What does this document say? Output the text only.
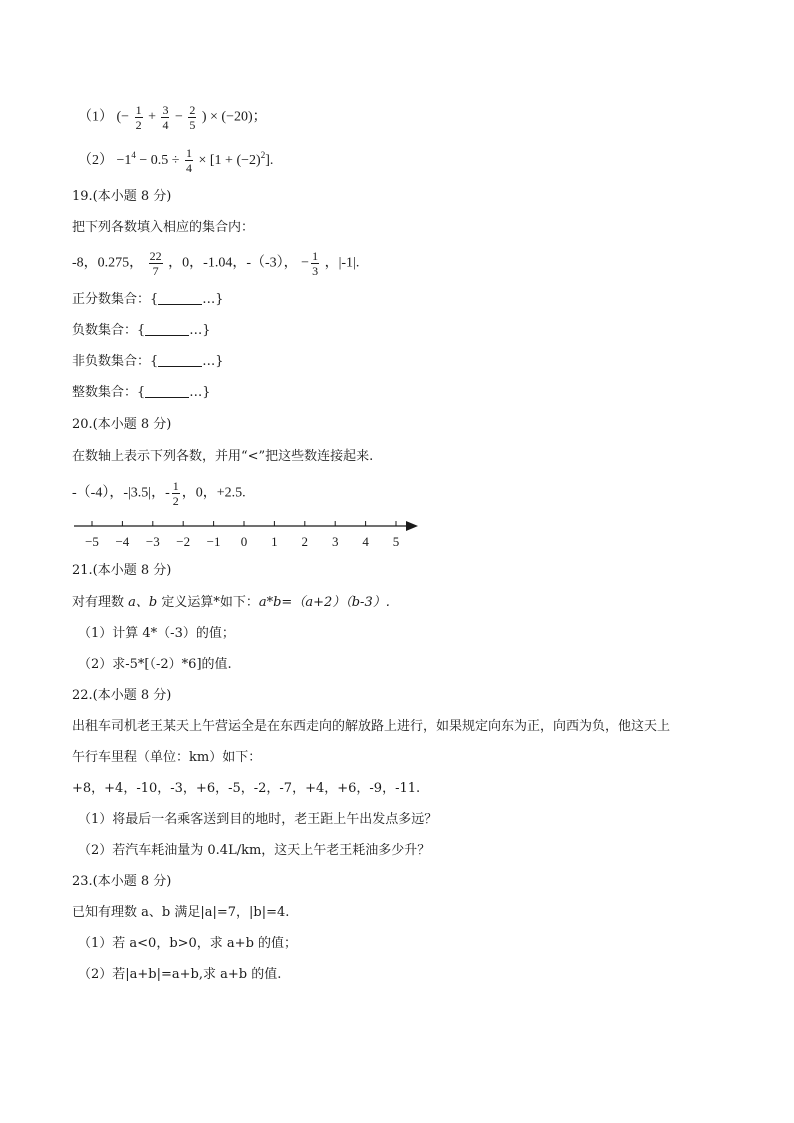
（1） (− $\frac{1}{2} + \frac{3}{4} - \frac{2}{5}$ ) × (−20)；
$(2) -1^4 - 0.5 \div \frac{1}{4} \times [1 + (-2)^2]$.
19.(本小题 8 分)
把下列各数填入相应的集合内：
-8，0.275， $\frac{22}{7}$ ，0，-1.04，-（-3）， − $\frac{1}{3}$ ，|-1|.
正分数集合：{	…}
负数集合：{	…}
非负数集合：{	…}
整数集合：{	…}
20.(本小题 8 分)
在数轴上表示下列各数，并用“<”把这些数连接起来.
-（-4），-|3.5|，- $\frac{1}{2}$ ，0，+2.5.
−5 −4 −3 −2 −1 0 1 2 3 4 5
21.(本小题 8 分)
对有理数 a、b 定义运算*如下：a*b=（a+2）（b-3）.
（1）计算 4*（-3）的值；
（2）求-5*[（-2）*6]的值.
22.(本小题 8 分)
出租车司机老王某天上午营运全是在东西走向的解放路上进行，如果规定向东为正，向西为负，他这天上
午行车里程（单位：km）如下：
+8，+4，-10，-3，+6，-5，-2，-7，+4，+6，-9，-11.
（1）将最后一名乘客送到目的地时，老王距上午出发点多远？
（2）若汽车耗油量为 0.4L/km，这天上午老王耗油多少升？
23.(本小题 8 分)
已知有理数 a、b 满足|a|=7，|b|=4.
（1）若 a<0，b>0，求 a+b 的值；
（2）若|a+b|=a+b,求 a+b 的值.
